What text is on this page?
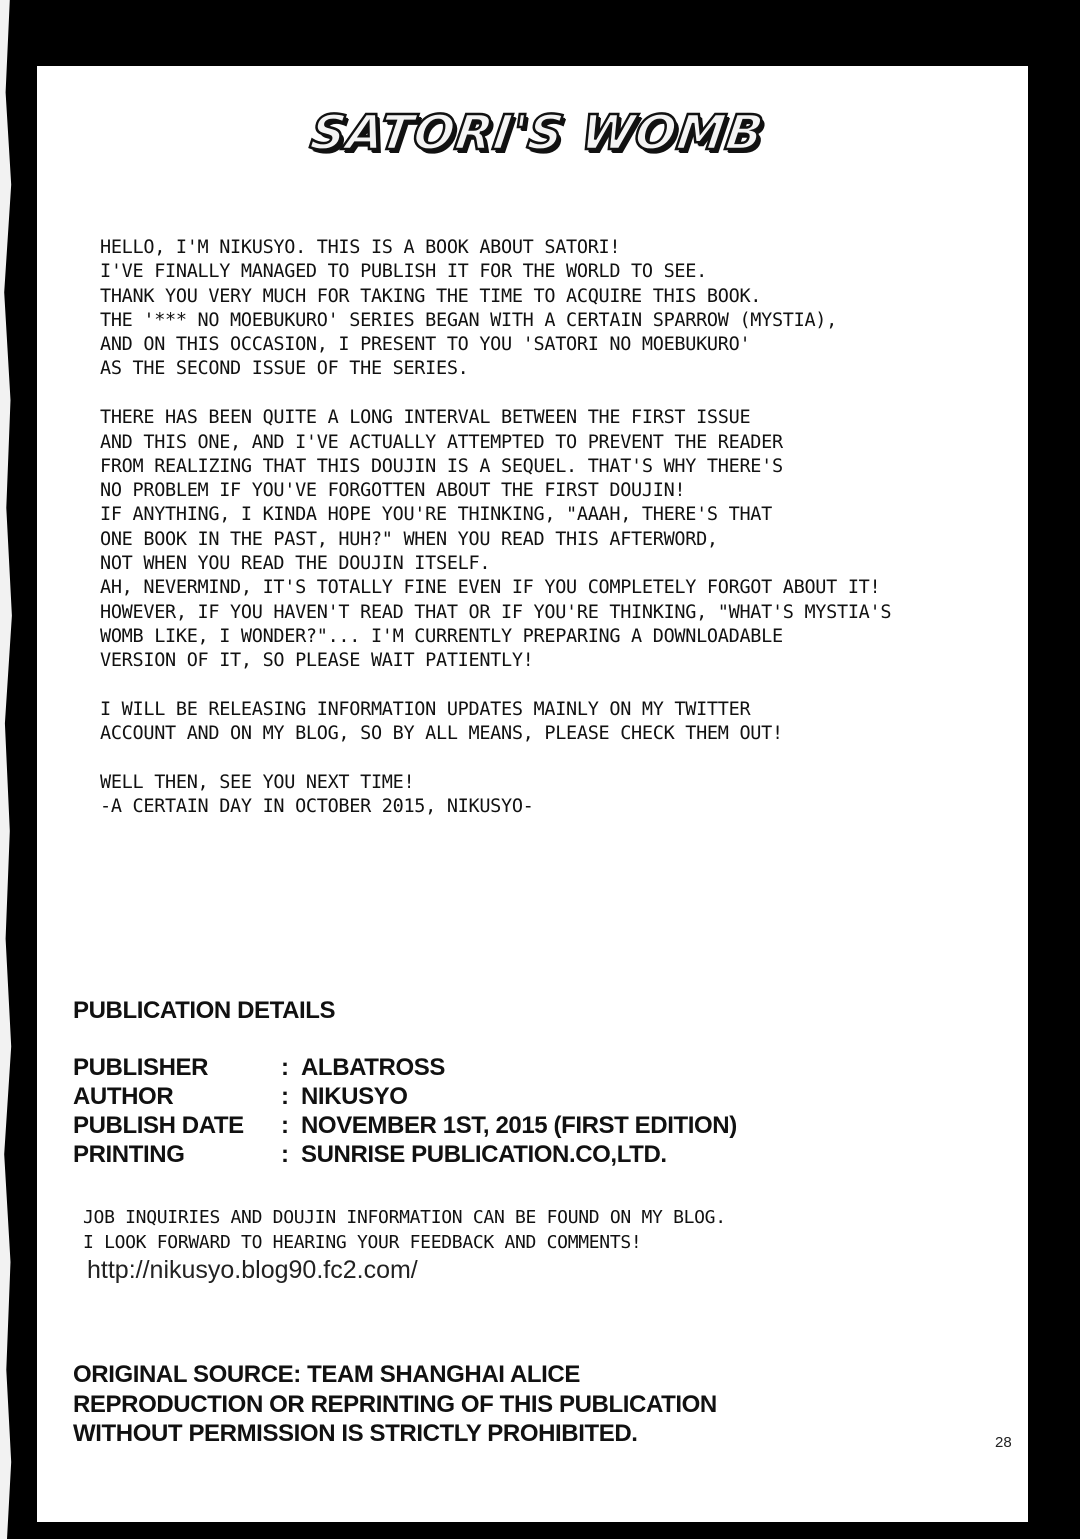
SATORI'S WOMB

HELLO, I'M NIKUSYO. THIS IS A BOOK ABOUT SATORI!
I'VE FINALLY MANAGED TO PUBLISH IT FOR THE WORLD TO SEE.
THANK YOU VERY MUCH FOR TAKING THE TIME TO ACQUIRE THIS BOOK.
THE '*** NO MOEBUKURO' SERIES BEGAN WITH A CERTAIN SPARROW (MYSTIA),
AND ON THIS OCCASION, I PRESENT TO YOU 'SATORI NO MOEBUKURO'
AS THE SECOND ISSUE OF THE SERIES.

THERE HAS BEEN QUITE A LONG INTERVAL BETWEEN THE FIRST ISSUE
AND THIS ONE, AND I'VE ACTUALLY ATTEMPTED TO PREVENT THE READER
FROM REALIZING THAT THIS DOUJIN IS A SEQUEL. THAT'S WHY THERE'S
NO PROBLEM IF YOU'VE FORGOTTEN ABOUT THE FIRST DOUJIN!
IF ANYTHING, I KINDA HOPE YOU'RE THINKING, "AAAH, THERE'S THAT
ONE BOOK IN THE PAST, HUH?" WHEN YOU READ THIS AFTERWORD,
NOT WHEN YOU READ THE DOUJIN ITSELF.
AH, NEVERMIND, IT'S TOTALLY FINE EVEN IF YOU COMPLETELY FORGOT ABOUT IT!
HOWEVER, IF YOU HAVEN'T READ THAT OR IF YOU'RE THINKING, "WHAT'S MYSTIA'S
WOMB LIKE, I WONDER?"... I'M CURRENTLY PREPARING A DOWNLOADABLE
VERSION OF IT, SO PLEASE WAIT PATIENTLY!

I WILL BE RELEASING INFORMATION UPDATES MAINLY ON MY TWITTER
ACCOUNT AND ON MY BLOG, SO BY ALL MEANS, PLEASE CHECK THEM OUT!

WELL THEN, SEE YOU NEXT TIME!
-A CERTAIN DAY IN OCTOBER 2015, NIKUSYO-

PUBLICATION DETAILS
PUBLISHER	: ALBATROSS
AUTHOR	: NIKUSYO
PUBLISH DATE	: NOVEMBER 1ST, 2015 (FIRST EDITION)
PRINTING	: SUNRISE PUBLICATION.CO,LTD.
JOB INQUIRIES AND DOUJIN INFORMATION CAN BE FOUND ON MY BLOG.
I LOOK FORWARD TO HEARING YOUR FEEDBACK AND COMMENTS!
http://nikusyo.blog90.fc2.com/
ORIGINAL SOURCE: TEAM SHANGHAI ALICE
REPRODUCTION OR REPRINTING OF THIS PUBLICATION
WITHOUT PERMISSION IS STRICTLY PROHIBITED.	28
